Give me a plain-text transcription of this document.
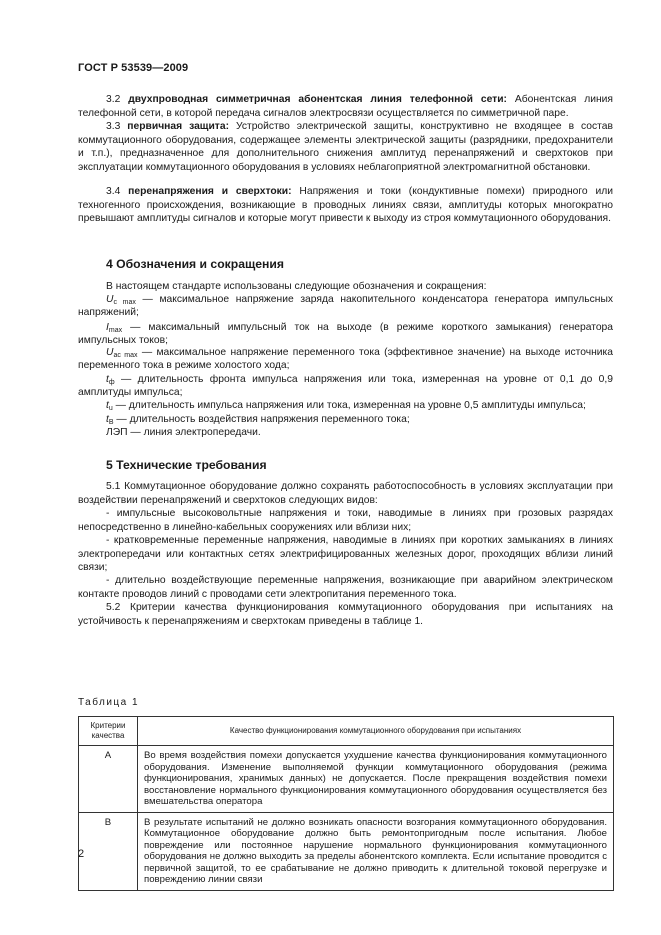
ГОСТ Р 53539—2009

3.2 двухпроводная симметричная абонентская линия телефонной сети: Абонентская линия телефонной сети, в которой передача сигналов электросвязи осуществляется по симметричной паре.

3.3 первичная защита: Устройство электрической защиты, конструктивно не входящее в состав коммутационного оборудования, содержащее элементы электрической защиты (разрядники, предохранители и т.п.), предназначенное для дополнительного снижения амплитуд перенапряжений и сверхтоков при эксплуатации коммутационного оборудования в условиях неблагоприятной электромагнитной обстановки.

3.4 перенапряжения и сверхтоки: Напряжения и токи (кондуктивные помехи) природного или техногенного происхождения, возникающие в проводных линиях связи, амплитуды которых многократно превышают амплитуды сигналов и которые могут привести к выходу из строя коммутационного оборудования.

4 Обозначения и сокращения

В настоящем стандарте использованы следующие обозначения и сокращения:

$U_{c max}$ — максимальное напряжение заряда накопительного конденсатора генератора импульсных напряжений;

$I_{max}$ — максимальный импульсный ток на выходе (в режиме короткого замыкания) генератора импульсных токов;

$U_{ac max}$ — максимальное напряжение переменного тока (эффективное значение) на выходе источника переменного тока в режиме холостого хода;

$t_ф$ — длительность фронта импульса напряжения или тока, измеренная на уровне от 0,1 до 0,9 амплитуды импульса;

$t_u$ — длительность импульса напряжения или тока, измеренная на уровне 0,5 амплитуды импульса;

$t_B$ — длительность воздействия напряжения переменного тока;

ЛЭП — линия электропередачи.

5 Технические требования

5.1 Коммутационное оборудование должно сохранять работоспособность в условиях эксплуатации при воздействии перенапряжений и сверхтоков следующих видов:

- импульсные высоковольтные напряжения и токи, наводимые в линиях при грозовых разрядах непосредственно в линейно-кабельных сооружениях или вблизи них;

- кратковременные переменные напряжения, наводимые в линиях при коротких замыканиях в линиях электропередачи или контактных сетях электрифицированных железных дорог, проходящих вблизи линий связи;

- длительно воздействующие переменные напряжения, возникающие при аварийном электрическом контакте проводов линий с проводами сети электропитания переменного тока.

5.2 Критерии качества функционирования коммутационного оборудования при испытаниях на устойчивость к перенапряжениям и сверхтокам приведены в таблице 1.

Таблица 1
Критерии качества	Качество функционирования коммутационного оборудования при испытаниях
A	Во время воздействия помехи допускается ухудшение качества функционирования коммутационного оборудования. Изменение выполняемой функции коммутационного оборудования (режима функционирования, хранимых данных) не допускается. После прекращения воздействия помехи восстановление нормального функционирования коммутационного оборудования осуществляется без вмешательства оператора
B	В результате испытаний не должно возникать опасности возгорания коммутационного оборудования. Коммутационное оборудование должно быть ремонтопригодным после испытания. Любое повреждение или постоянное нарушение нормального функционирования коммутационного оборудования не должно выходить за пределы абонентского комплекта. Если испытание проводится с первичной защитой, то ее срабатывание не должно приводить к длительной токовой перегрузке и повреждению линии связи
2
